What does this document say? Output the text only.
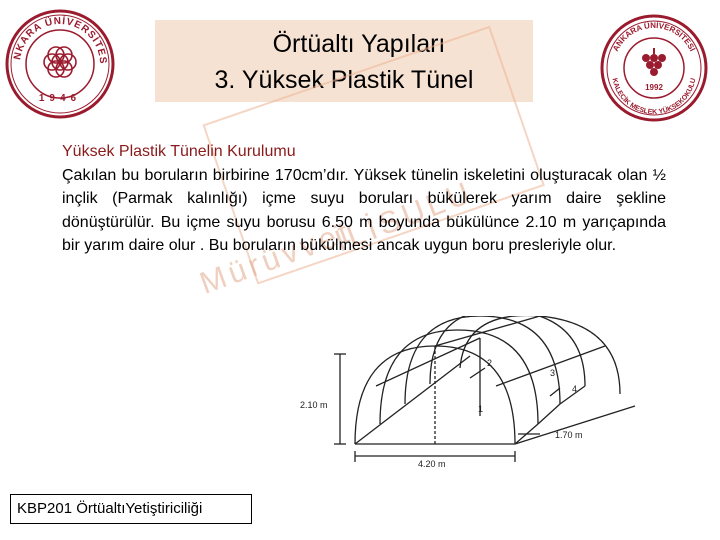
NKARA ÜNİVERSİTES
1946
Örtüaltı Yapıları
3. Yüksek Plastik Tünel
ANKARA ÜNİVERSİTESİ
KALECİK MESLEK YÜKSEKOKULU
1992
Mürüvvet
İLİSULU
Yüksek Plastik Tünelin Kurulumu
Çakılan bu boruların birbirine 170cm’dır. Yüksek tünelin iskeletini oluşturacak olan ½ inçlik (Parmak kalınlığı) içme suyu boruları bükülerek yarım daire şekline dönüştürülür. Bu içme suyu borusu 6.50 m boyunda bükülünce 2.10 m yarıçapında bir yarım daire olur . Bu boruların bükülmesi ancak uygun boru presleriyle olur.
2.10 m
4.20 m
1.70 m
1
2
3
4
KBP201 ÖrtüaltıYetiştiriciliği
